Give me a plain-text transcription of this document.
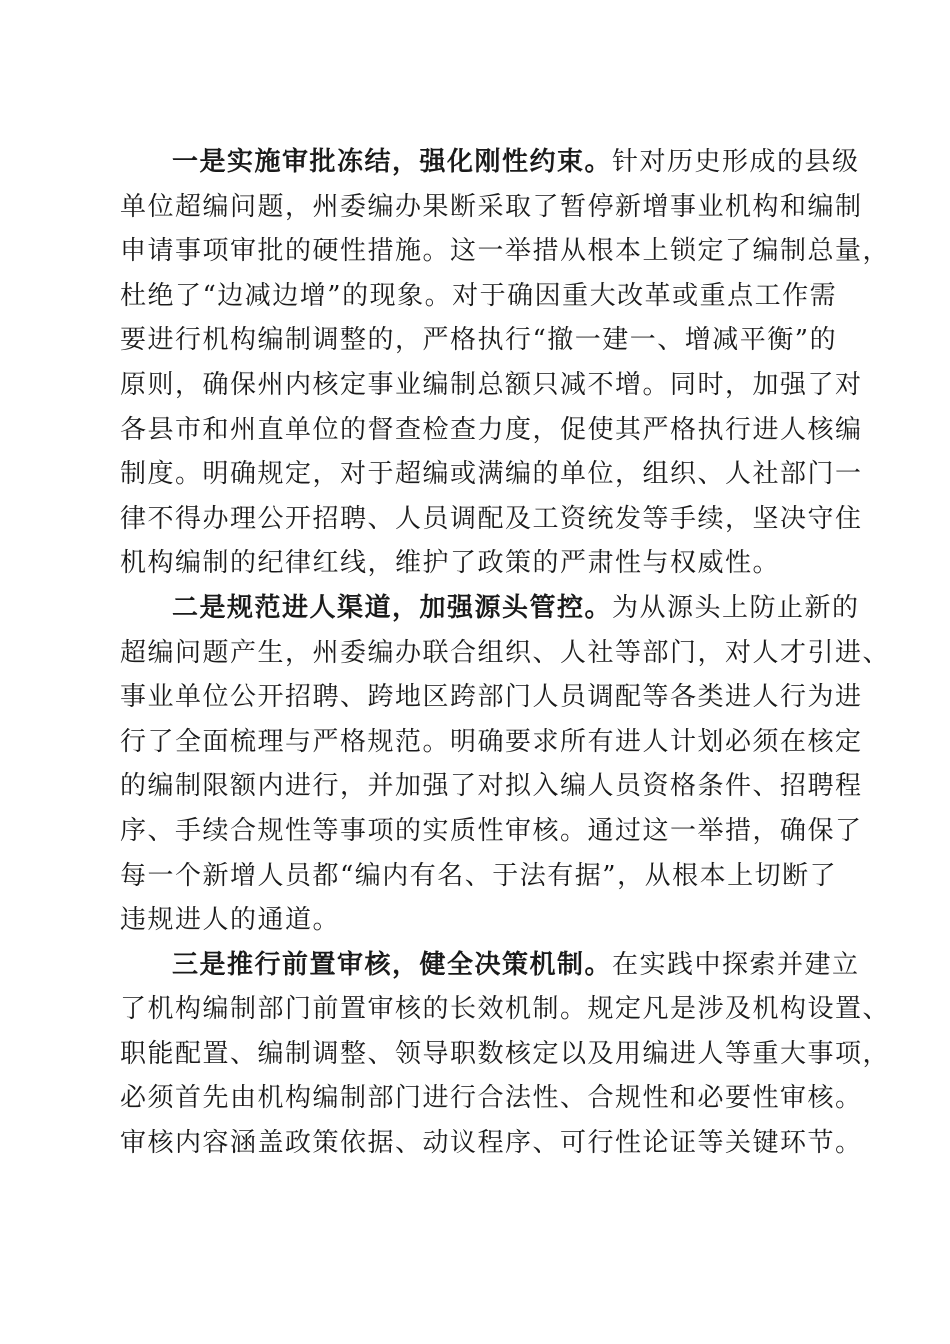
一是实施审批冻结，强化刚性约束。针对历史形成的县级
单位超编问题，州委编办果断采取了暂停新增事业机构和编制
申请事项审批的硬性措施。这一举措从根本上锁定了编制总量，
杜绝了“边减边增”的现象。对于确因重大改革或重点工作需
要进行机构编制调整的，严格执行“撤一建一、增减平衡”的
原则，确保州内核定事业编制总额只减不增。同时，加强了对
各县市和州直单位的督查检查力度，促使其严格执行进人核编
制度。明确规定，对于超编或满编的单位，组织、人社部门一
律不得办理公开招聘、人员调配及工资统发等手续，坚决守住
机构编制的纪律红线，维护了政策的严肃性与权威性。
二是规范进人渠道，加强源头管控。为从源头上防止新的
超编问题产生，州委编办联合组织、人社等部门，对人才引进、
事业单位公开招聘、跨地区跨部门人员调配等各类进人行为进
行了全面梳理与严格规范。明确要求所有进人计划必须在核定
的编制限额内进行，并加强了对拟入编人员资格条件、招聘程
序、手续合规性等事项的实质性审核。通过这一举措，确保了
每一个新增人员都“编内有名、于法有据”，从根本上切断了
违规进人的通道。
三是推行前置审核，健全决策机制。在实践中探索并建立
了机构编制部门前置审核的长效机制。规定凡是涉及机构设置、
职能配置、编制调整、领导职数核定以及用编进人等重大事项，
必须首先由机构编制部门进行合法性、合规性和必要性审核。
审核内容涵盖政策依据、动议程序、可行性论证等关键环节。
